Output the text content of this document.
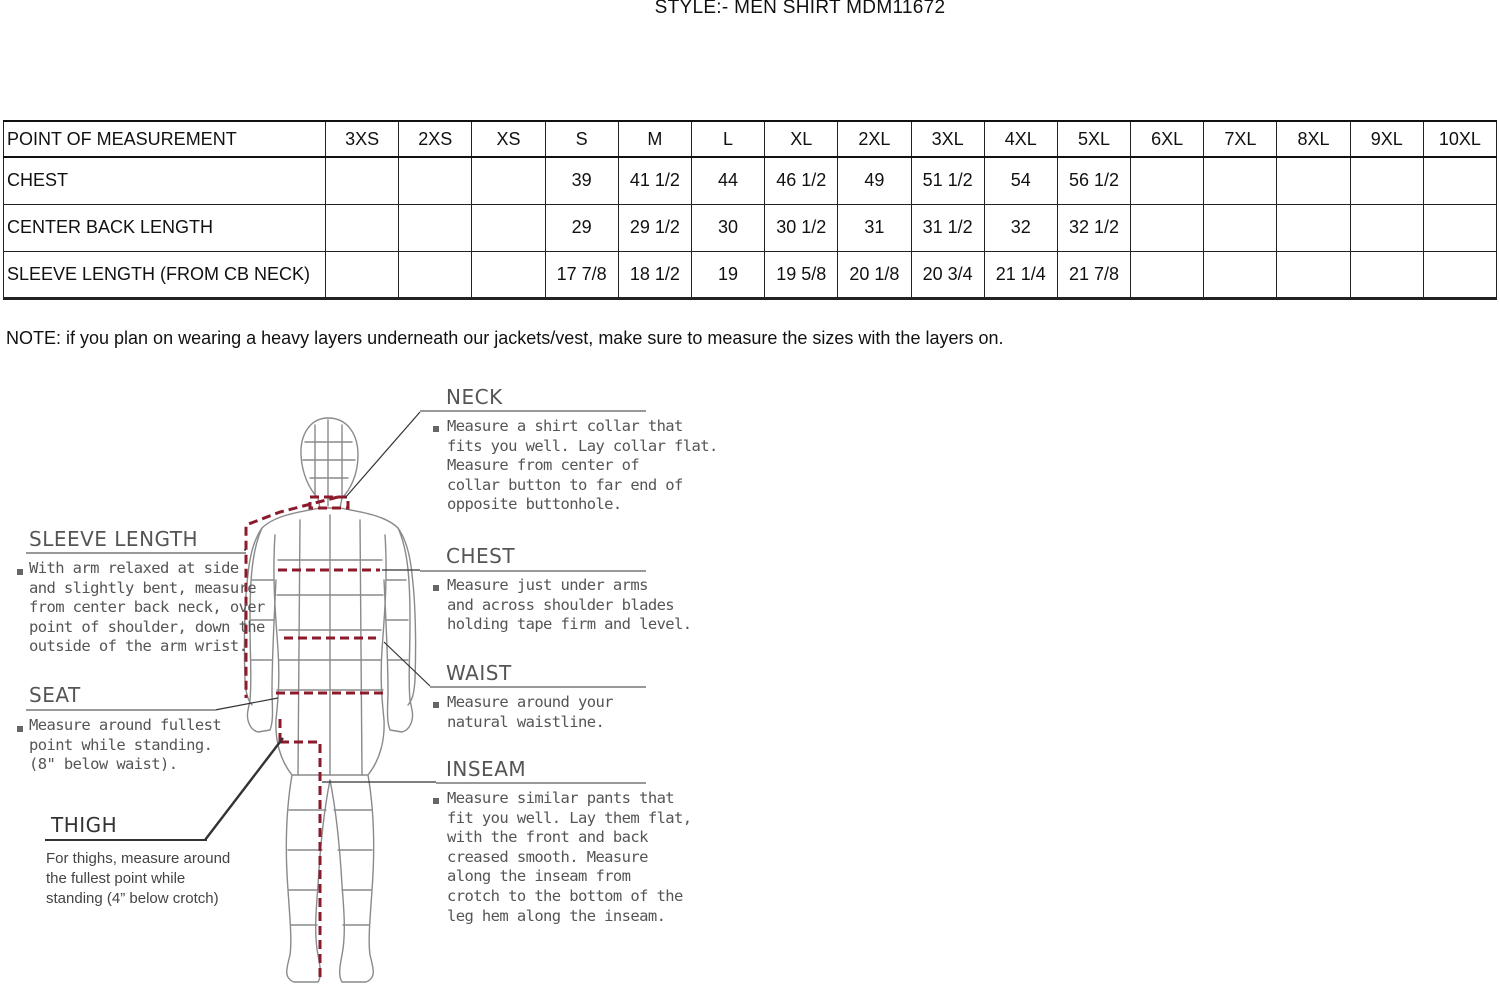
STYLE:- MEN SHIRT MDM11672
POINT OF MEASUREMENT	3XS	2XS	XS	S	M	L	XL	2XL	3XL	4XL	5XL	6XL	7XL	8XL	9XL	10XL
CHEST				39	41 1/2	44	46 1/2	49	51 1/2	54	56 1/2					
CENTER BACK LENGTH				29	29 1/2	30	30 1/2	31	31 1/2	32	32 1/2					
SLEEVE LENGTH (FROM CB NECK)				17 7/8	18 1/2	19	19 5/8	20 1/8	20 3/4	21 1/4	21 7/8					
NOTE: if you plan on wearing a heavy layers underneath our jackets/vest, make sure to measure the sizes with the layers on.
NECK
Measure a shirt collar that
fits you well. Lay collar flat.
Measure from center of
collar button to far end of
opposite buttonhole.
CHEST
Measure just under arms
and across shoulder blades
holding tape firm and level.
WAIST
Measure around your
natural waistline.
INSEAM
Measure similar pants that
fit you well. Lay them flat,
with the front and back
creased smooth. Measure
along the inseam from
crotch to the bottom of the
leg hem along the inseam.
SLEEVE LENGTH
With arm relaxed at side
and slightly bent, measure
from center back neck, over
point of shoulder, down the
outside of the arm wrist.
SEAT
Measure around fullest
point while standing.
(8" below waist).
THIGH
For thighs, measure around
the fullest point while
standing (4” below crotch)
